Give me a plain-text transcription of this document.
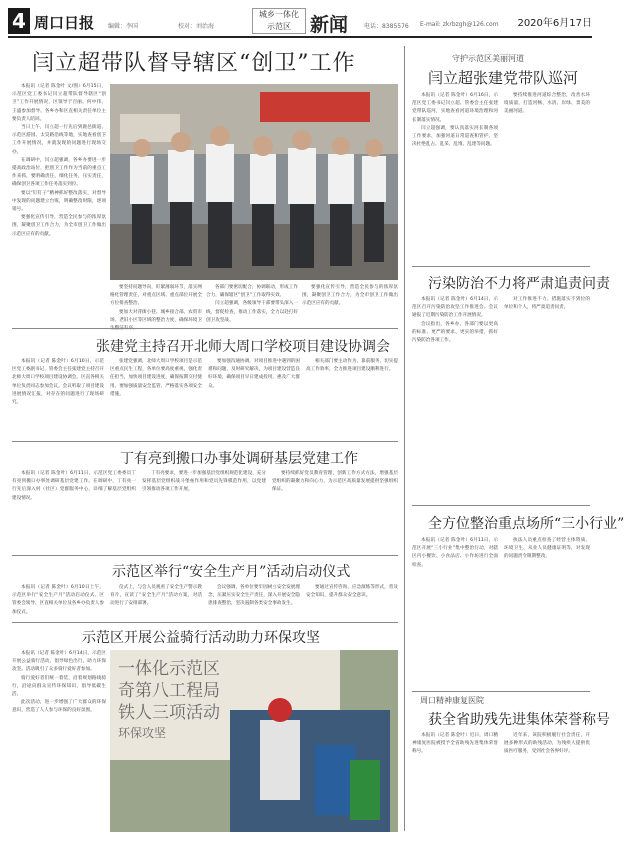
4 周口日报 编辑：李国	校对：刘治海
城乡一体化
示范区	新闻	电话：8385576 E-mail: zkrbzgh@126.com 2020年6月17日
闫立超带队督导辖区“创卫”工作

本报讯（记者 陈金叶 文/图）6月15日，示范区党工委书记闫立超带队督导辖区“创卫”工作开展情况，区领导于百丽、何中伟、王盛参加督导。各乡办和区直相关责任单位主要负责人陪同。

当日上午，闫立超一行先后到鹿邑街道、示范区游园、太昊路沿线等地，实地查看创卫工作开展情况，并就发现的问题进行现场交办。

在调研中，闫立超强调，各乡办要进一步提高政治站位，把创卫工作作为当前的重点工作来抓，要明确责任，细化任务，压实责任，确保创卫各项工作任务落实到位。

要以“钉钉子”精神抓好整改落实，对督导中发现的问题建立台账，明确整改时限，逐项销号。

要强化宣传引导，营造全民参与的浓厚氛围，凝聚创卫工作合力，为全市创卫工作做出示范区应有的贡献。

要坚持问题导向，盯紧薄弱环节，落实网格化管理责任，对重点区域、重点部位开展全方位排查整治。

要加大对背街小巷、城乡接合部、农贸市场、老旧小区等区域的整治力度，确保环境卫

各部门要密切配合，协调联动，形成工作合力，确保辖区“创卫”工作取得实效。

闫立超强调，各级领导干部要带头深入一线，督促检查，推动工作落实，全力以赴打好创卫攻坚战。

要强化宣传引导，营造全民参与的浓厚氛围，凝聚创卫工作合力，为全市创卫工作做出示范区应有的贡献。

张建党主持召开北师大周口学校项目建设协调会

本报讯（记者 陈金叶）6月10日，示范区党工委副书记、管委会主任张建党主持召开北师大周口学校项目建设协调会。区直各相关单位负责同志参加会议。会议听取了项目建设进展情况汇报，对存在的问题进行了现场研究。

张建党强调，北师大周口学校项目是示范区重点民生工程，各单位要高度重视，强化责任担当，加快项目建设进度，确保按期交付使用。要加强质量安全监管，严格落实各项安全措施。

要加强沟通协调，对项目推进中遇到的困难和问题，及时研究解决，为项目建设营造良好环境，确保项目早日建成投用，惠及广大群众。

相关部门要主动作为，靠前服务，切实提高工作效率，全力推进项目建设顺利进行。

丁有亮到搬口办事处调研基层党建工作

本报讯（记者 陈金叶）6月11日，示范区党工委委员丁有亮到搬口办事处调研基层党建工作。在调研中，丁有亮一行先后深入村（社区）党群服务中心，详细了解基层党组织建设情况。

丁有亮要求，要进一步加强基层党组织规范化建设，充分发挥基层党组织战斗堡垒作用和党员先锋模范作用，以党建引领推动各项工作开展。

要持续抓好党员教育管理，创新工作方式方法，增强基层党组织的凝聚力和向心力，为示范区高质量发展提供坚强组织保证。

示范区举行“安全生产月”活动启动仪式

本报讯（记者 陈金叶）6月10日上午，示范区举行“安全生产月”活动启动仪式。区管委会领导、区直相关单位及各乡办负责人参加仪式。

仪式上，与会人员观看了安全生产警示教育片，宣读了“安全生产月”活动方案，对活动进行了安排部署。

会议强调，各单位要牢固树立安全发展理念，压紧压实安全生产责任，深入开展安全隐患排查整治，坚决遏制各类安全事故发生。

要通过宣传咨询、应急演练等形式，普及安全知识，提升群众安全意识。

示范区开展公益骑行活动助力环保攻坚

本报讯（记者 陈金叶）6月14日，示范区开展公益骑行活动，倡导绿色出行，助力环保攻坚。活动吸引了众多骑行爱好者参加。

骑行爱好者们统一着装，沿着规划路线骑行，沿途向群众宣传环保知识，倡导低碳生活。

此次活动，进一步增强了广大群众的环保意识，营造了人人参与环保的良好氛围。

一体化示范区
奇第八工程局
铁人三项活动
环保攻坚
守护示范区美丽河道
闫立超张建党带队巡河

本报讯（记者 陈金叶）6月16日，示范区党工委书记闫立超、管委会主任张建党带队巡河，实地查看河道环境治理和河长制落实情况。

闫立超强调，要认真落实河长制各项工作要求，加强河道日常巡查和管护，坚决杜绝乱占、乱采、乱堆、乱建等问题。

要持续推进河道综合整治，改善水环境质量，打造河畅、水清、岸绿、景美的美丽河道。

污染防治不力将严肃追责问责

本报讯（记者 陈金叶）6月14日，示范区召开污染防治攻坚工作推进会。会议通报了近期污染防治工作开展情况。

会议指出，各乡办、各部门要以更高的标准、更严的要求、更实的举措，抓好污染防治各项工作。

对工作推进不力、措施落实不到位的单位和个人，将严肃追责问责。

全方位整治重点场所“三小行业”

本报讯（记者 陈金叶）6月11日，示范区开展“三小行业”集中整治行动，对辖区内小餐饮、小食品店、小作坊进行全面检查。

执法人员重点检查了经营主体资质、环境卫生、从业人员健康证明等，对发现的问题责令限期整改。

周口精神康复医院
获全省助残先进集体荣誉称号

本报讯（记者 陈金叶）近日，周口精神康复医院被授予全省助残先进集体荣誉称号。

近年来，该院积极履行社会责任，开展多种形式的助残活动，为残疾人提供优质医疗服务，受到社会各界好评。
